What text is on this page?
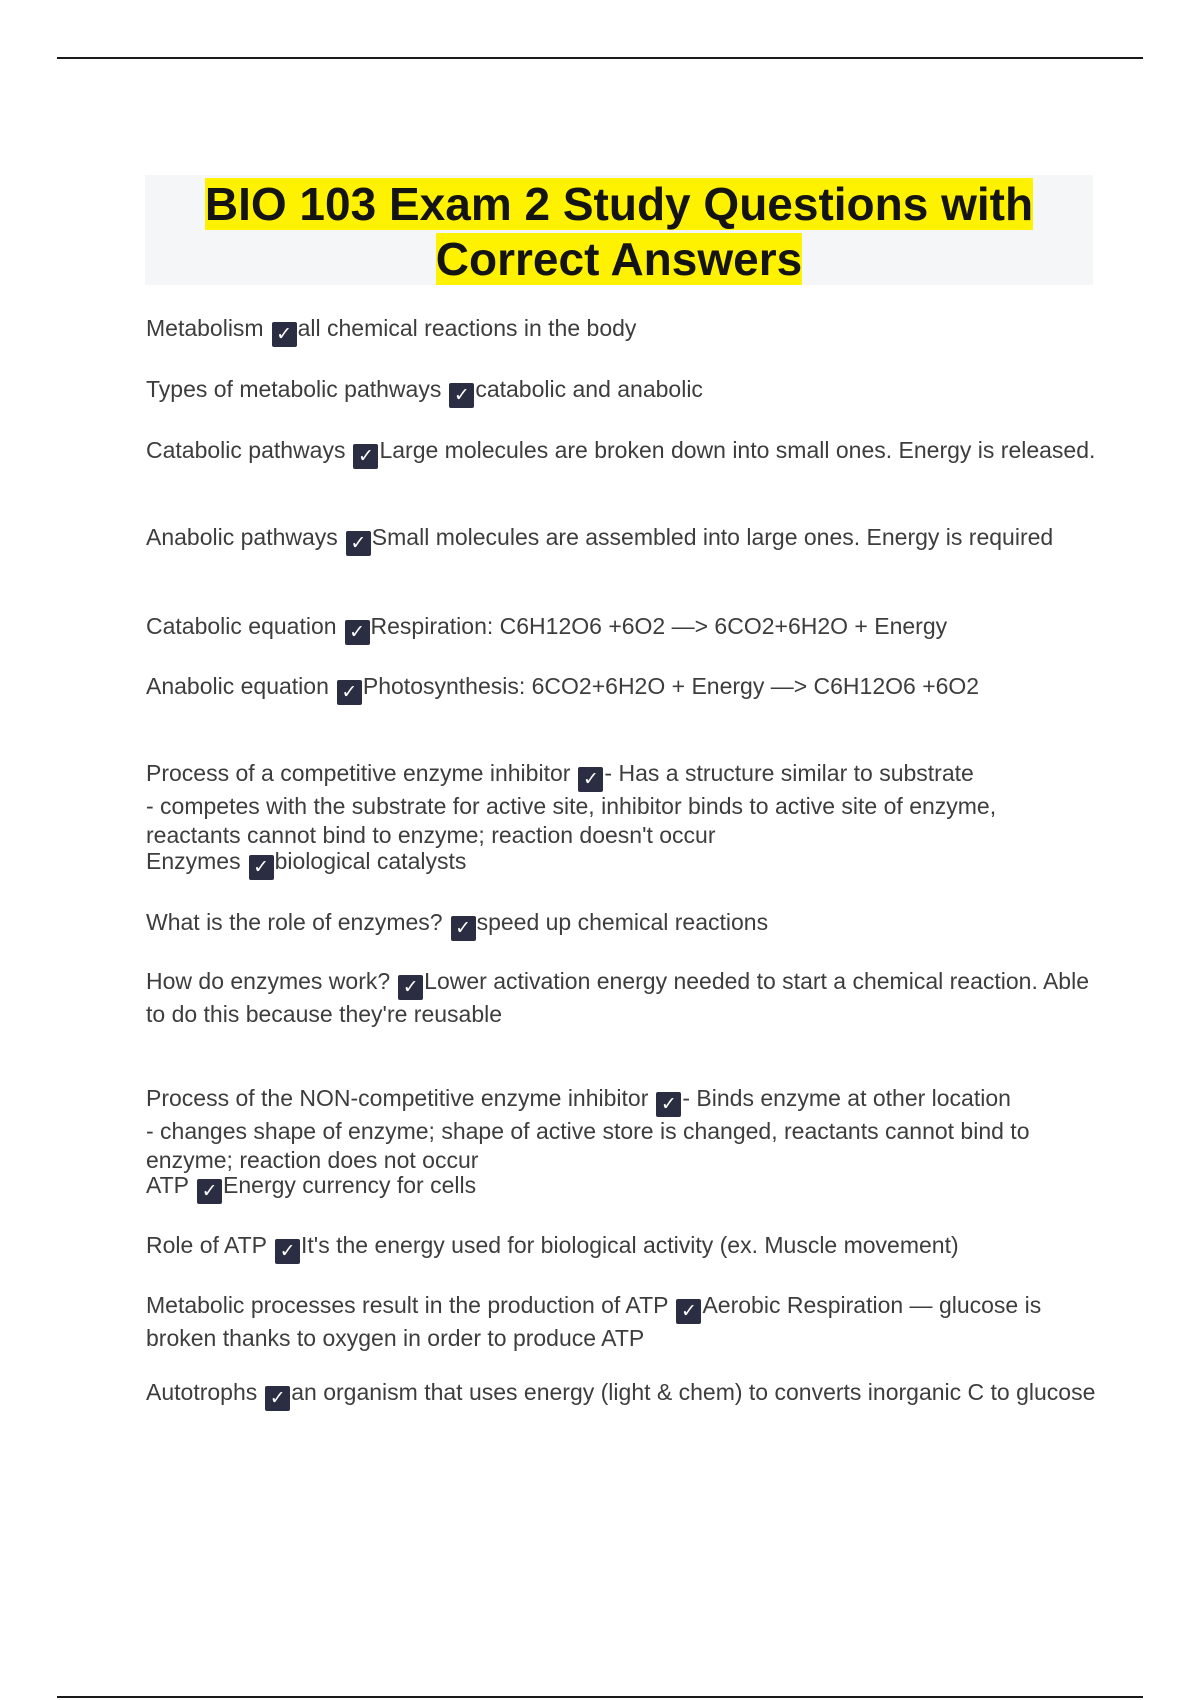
BIO 103 Exam 2 Study Questions with Correct Answers
Metabolism ✓ all chemical reactions in the body
Types of metabolic pathways ✓ catabolic and anabolic
Catabolic pathways ✓ Large molecules are broken down into small ones. Energy is released.
Anabolic pathways ✓ Small molecules are assembled into large ones. Energy is required
Catabolic equation ✓ Respiration: C6H12O6 +6O2 —> 6CO2+6H2O + Energy
Anabolic equation ✓ Photosynthesis: 6CO2+6H2O + Energy —> C6H12O6 +6O2

Process of a competitive enzyme inhibitor ✓ - Has a structure similar to substrate
- competes with the substrate for active site, inhibitor binds to active site of enzyme, reactants cannot bind to enzyme; reaction doesn't occur

Enzymes ✓ biological catalysts
What is the role of enzymes? ✓ speed up chemical reactions
How do enzymes work? ✓ Lower activation energy needed to start a chemical reaction. Able to do this because they're reusable

Process of the NON-competitive enzyme inhibitor ✓ - Binds enzyme at other location
- changes shape of enzyme; shape of active store is changed, reactants cannot bind to enzyme; reaction does not occur

ATP ✓ Energy currency for cells
Role of ATP ✓ It's the energy used for biological activity (ex. Muscle movement)
Metabolic processes result in the production of ATP ✓ Aerobic Respiration — glucose is broken thanks to oxygen in order to produce ATP
Autotrophs ✓ an organism that uses energy (light & chem) to converts inorganic C to glucose
